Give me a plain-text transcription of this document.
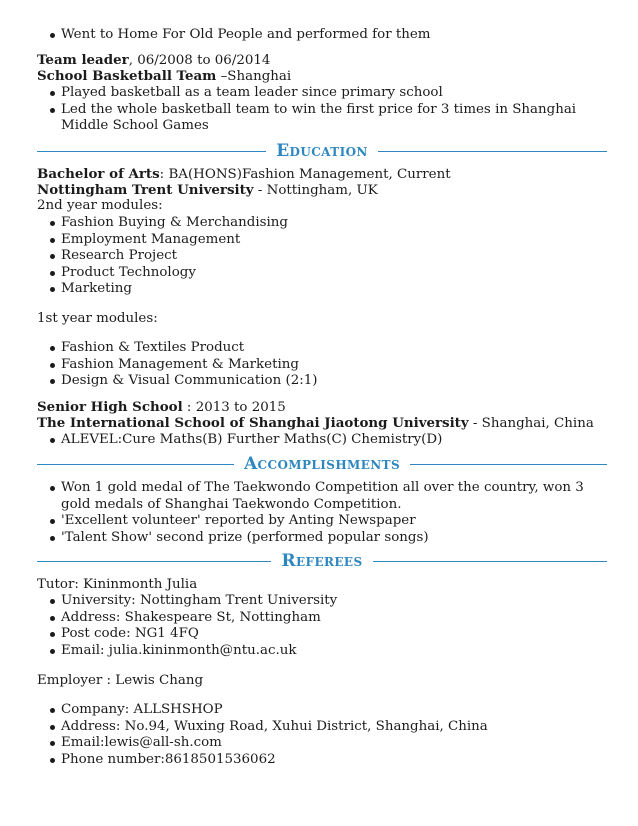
Went to Home For Old People and performed for them
Team leader, 06/2008 to 06/2014
School Basketball Team –Shanghai
Played basketball as a team leader since primary school
Led the whole basketball team to win the first price for 3 times in Shanghai Middle School Games
Education
Bachelor of Arts: BA(HONS)Fashion Management, Current
Nottingham Trent University - Nottingham, UK
2nd year modules:
Fashion Buying & Merchandising
Employment Management
Research Project
Product Technology
Marketing
1st year modules:
Fashion & Textiles Product
Fashion Management & Marketing
Design & Visual Communication (2:1)
Senior High School : 2013 to 2015
The International School of Shanghai Jiaotong University - Shanghai, China
ALEVEL:Cure Maths(B) Further Maths(C) Chemistry(D)
Accomplishments
Won 1 gold medal of The Taekwondo Competition all over the country, won 3 gold medals of Shanghai Taekwondo Competition.
'Excellent volunteer' reported by Anting Newspaper
'Talent Show' second prize (performed popular songs)
Referees
Tutor: Kininmonth Julia
University: Nottingham Trent University
Address: Shakespeare St, Nottingham
Post code: NG1 4FQ
Email: julia.kininmonth@ntu.ac.uk
Employer : Lewis Chang
Company: ALLSHSHOP
Address: No.94, Wuxing Road, Xuhui District, Shanghai, China
Email:lewis@all-sh.com
Phone number:8618501536062
